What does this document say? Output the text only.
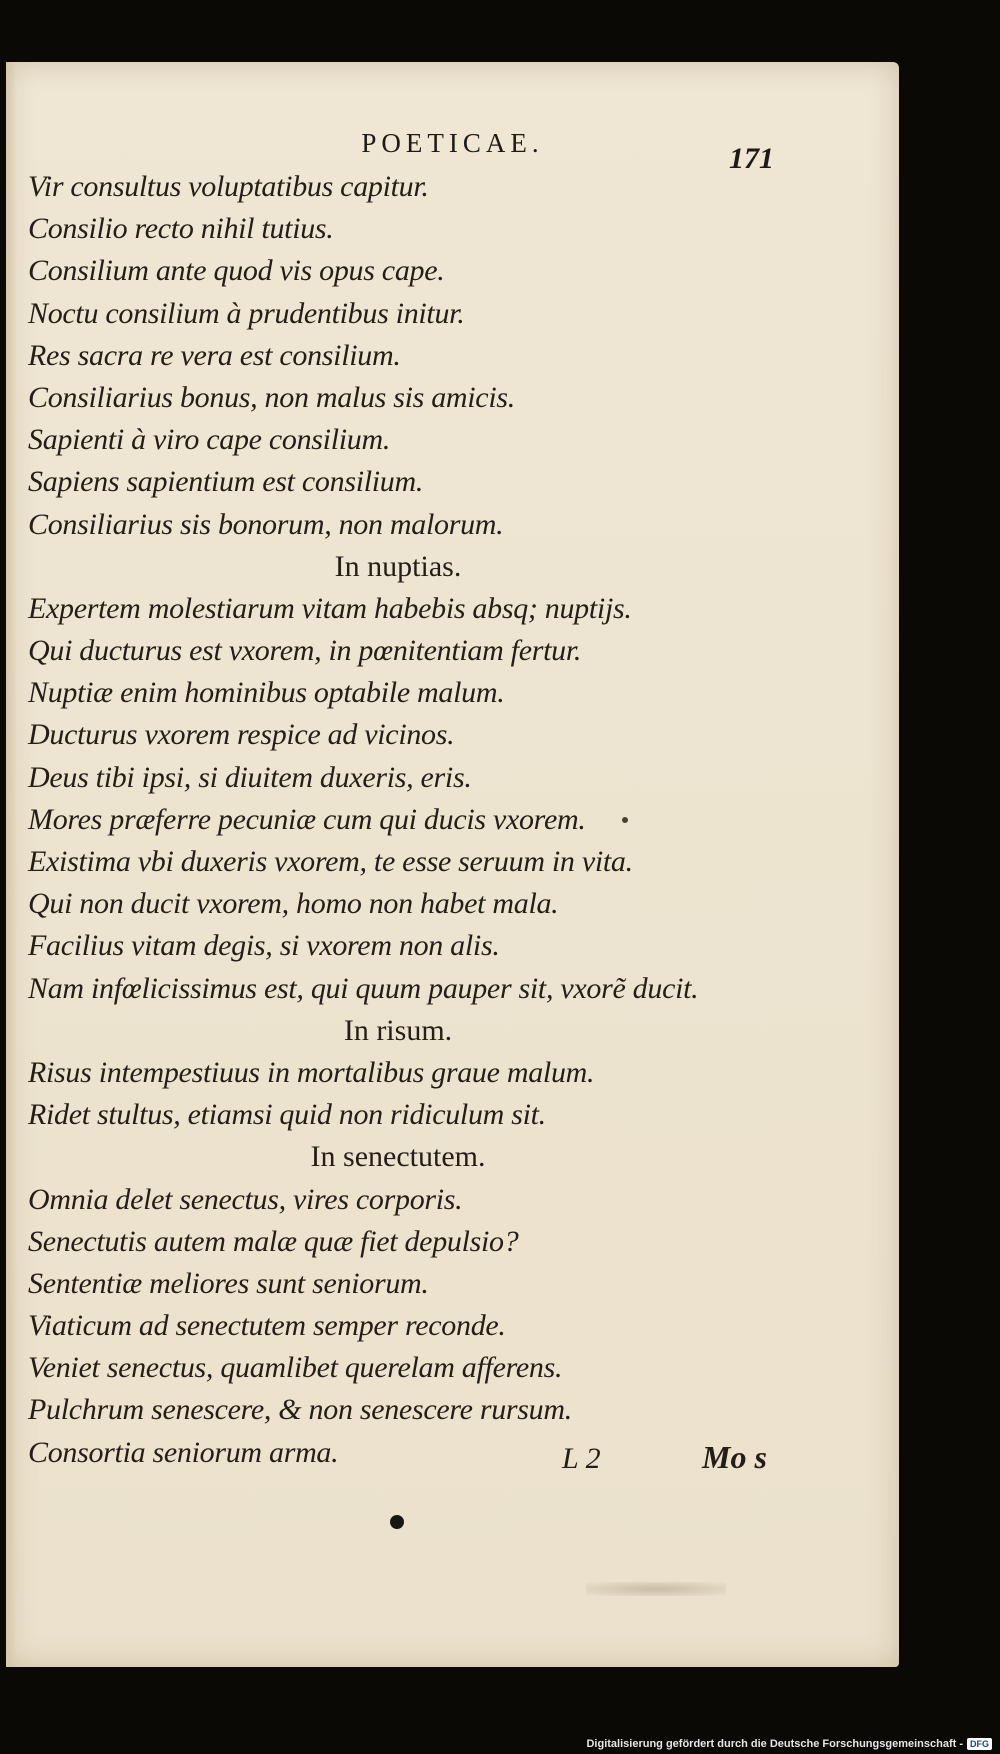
POETICAE.	171
Vir consultus voluptatibus capitur.
Consilio recto nihil tutius.
Consilium ante quod vis opus cape.
Noctu consilium à prudentibus initur.
Res sacra re vera est consilium.
Consiliarius bonus, non malus sis amicis.
Sapienti à viro cape consilium.
Sapiens sapientium est consilium.
Consiliarius sis bonorum, non malorum.
In nuptias.
Expertem molestiarum vitam habebis absq; nuptijs.
Qui ducturus est vxorem, in pœnitentiam fertur.
Nuptiæ enim hominibus optabile malum.
Ducturus vxorem respice ad vicinos.
Deus tibi ipsi, si diuitem duxeris, eris.
Mores præferre pecuniæ cum qui ducis vxorem.
Existima vbi duxeris vxorem, te esse seruum in vita.
Qui non ducit vxorem, homo non habet mala.
Facilius vitam degis, si vxorem non alis.
Nam infœlicissimus est, qui quum pauper sit, vxorẽ ducit.
In risum.
Risus intempestiuus in mortalibus graue malum.
Ridet stultus, etiamsi quid non ridiculum sit.
In senectutem.
Omnia delet senectus, vires corporis.
Senectutis autem malæ quæ fiet depulsio?
Sententiæ meliores sunt seniorum.
Viaticum ad senectutem semper reconde.
Veniet senectus, quamlibet querelam afferens.
Pulchrum senescere, & non senescere rursum.
Consortia seniorum arma.	L 2	Mo s
Digitalisierung gefördert durch die Deutsche Forschungsgemeinschaft - DFG
